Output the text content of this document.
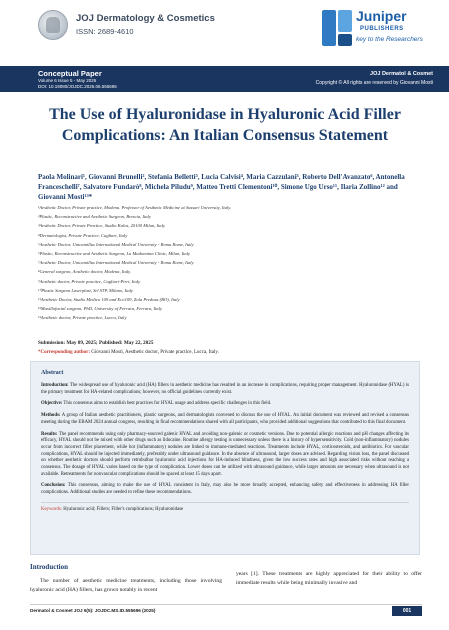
JOJ Dermatology & Cosmetics
ISSN: 2689-4610
Juniper
PUBLISHERS
key to the Researchers
Conceptual Paper
Volume 6 Issue 5 - May 2025
DOI: 10.19080/JOJDC.2025.06.555696
JOJ Dermatol & Cosmet
Copyright © All rights are reserved by Giovanni Mosti
The Use of Hyaluronidase in Hyaluronic Acid Filler Complications: An Italian Consensus Statement
Paola Molinari¹, Giovanni Brunelli², Stefania Belletti³, Lucia Calvisi⁴, Maria Cazzulani⁵, Roberto Dell'Avanzato⁶, Antonella Franceschelli⁷, Salvatore Fundarò⁸, Michela Piludu⁹, Matteo Tretti Clementoni¹⁰, Simone Ugo Urso¹¹, Ilaria Zollino¹² and Giovanni Mosti¹³*
¹Aesthetic Doctor, Private practice, Modena. Professor of Aesthetic Medicine at Sassari University, Italy.
²Plastic, Reconstructive and Aesthetic Surgeon, Brescia, Italy
³Aesthetic Doctor, Private Practice, Studio Kalos, 20100 Milan, Italy
⁴Dermatologist, Private Practice, Cagliari, Italy
⁵Aesthetic Doctor, Unicamillus International Medical University - Roma Rome, Italy
⁶Plastic, Reconstructive and Aesthetic Surgeon, La Madonnina Clinic, Milan, Italy
⁷Aesthetic Doctor, Unicamillus International Medical University - Roma Rome, Italy
⁸General surgeon, Aesthetic doctor, Modena, Italy.
⁹Aesthetic doctor, Private practice, Cagliari-Pirri, Italy
¹⁰Plastic Surgeon Laserplast, Srl STP, Milano, Italy
¹¹Aesthetic Doctor, Studio Medico 109 and Eco109, Zola Predosa (BO), Italy
¹²Maxillofacial surgeon, PhD, University of Ferrara, Ferrara, Italy
¹³Aesthetic doctor, Private practice, Lucca, Italy
Submission: May 09, 2025; Published: May 22, 2025
*Corresponding author: Giovanni Mosti, Aesthetic doctor, Private practice, Lucca, Italy.
Abstract

Introduction: The widespread use of hyaluronic acid (HA) fillers in aesthetic medicine has resulted in an increase in complications, requiring proper management. Hyaluronidase (HYAL) is the primary treatment for HA-related complications; however, no official guidelines currently exist.

Objective: This consensus aims to establish best practices for HYAL usage and address specific challenges in this field.

Methods: A group of Italian aesthetic practitioners, plastic surgeons, and dermatologists convened to discuss the use of HYAL. An initial document was reviewed and revised a consensus meeting during the EBAM 2024 annual congress, resulting in final recommendations shared with all participants, who provided additional suggestions that contributed to this final document.

Results: The panel recommends using only pharmacy-sourced galenic HYAL and avoiding non-galenic or cosmetic versions. Due to potential allergic reactions and pH changes affecting its efficacy, HYAL should not be mixed with other drugs such as lidocaine. Routine allergy testing is unnecessary unless there is a history of hypersensitivity. Cold (non-inflammatory) nodules occur from incorrect filler placement, while hot (inflammatory) nodules are linked to immune-mediated reactions. Treatments include HYAL, corticosteroids, and antibiotics. For vascular complications, HYAL should be injected immediately, preferably under ultrasound guidance. In the absence of ultrasound, larger doses are advised. Regarding vision loss, the panel discussed on whether aesthetic doctors should perform retrobulbar hyaluronic acid injections for HA-induced blindness, given the low success rates and high associated risks without reaching a consensus. The dosage of HYAL varies based on the type of complication. Lower doses can be utilized with ultrasound guidance, while larger amounts are necessary when ultrasound is not available. Retreatments for nonvascular complications should be spaced at least 15 days apart.

Conclusion: This consensus, aiming to make the use of HYAL consistent in Italy, may also be more broadly accepted, enhancing safety and effectiveness in addressing HA filler complications. Additional studies are needed to refine these recommendations.

Keywords: Hyaluronic acid; Fillers; Filler's complications; Hyaluronidase
Introduction
The number of aesthetic medicine treatments, including those involving hyaluronic acid (HA) fillers, has grown notably in recent
years [1]. These treatments are highly appreciated for their ability to offer immediate results while being minimally invasive and
Dermatol & Cosmet JOJ 6(5): JOJDC.MS.ID.555696 (2025)	001
